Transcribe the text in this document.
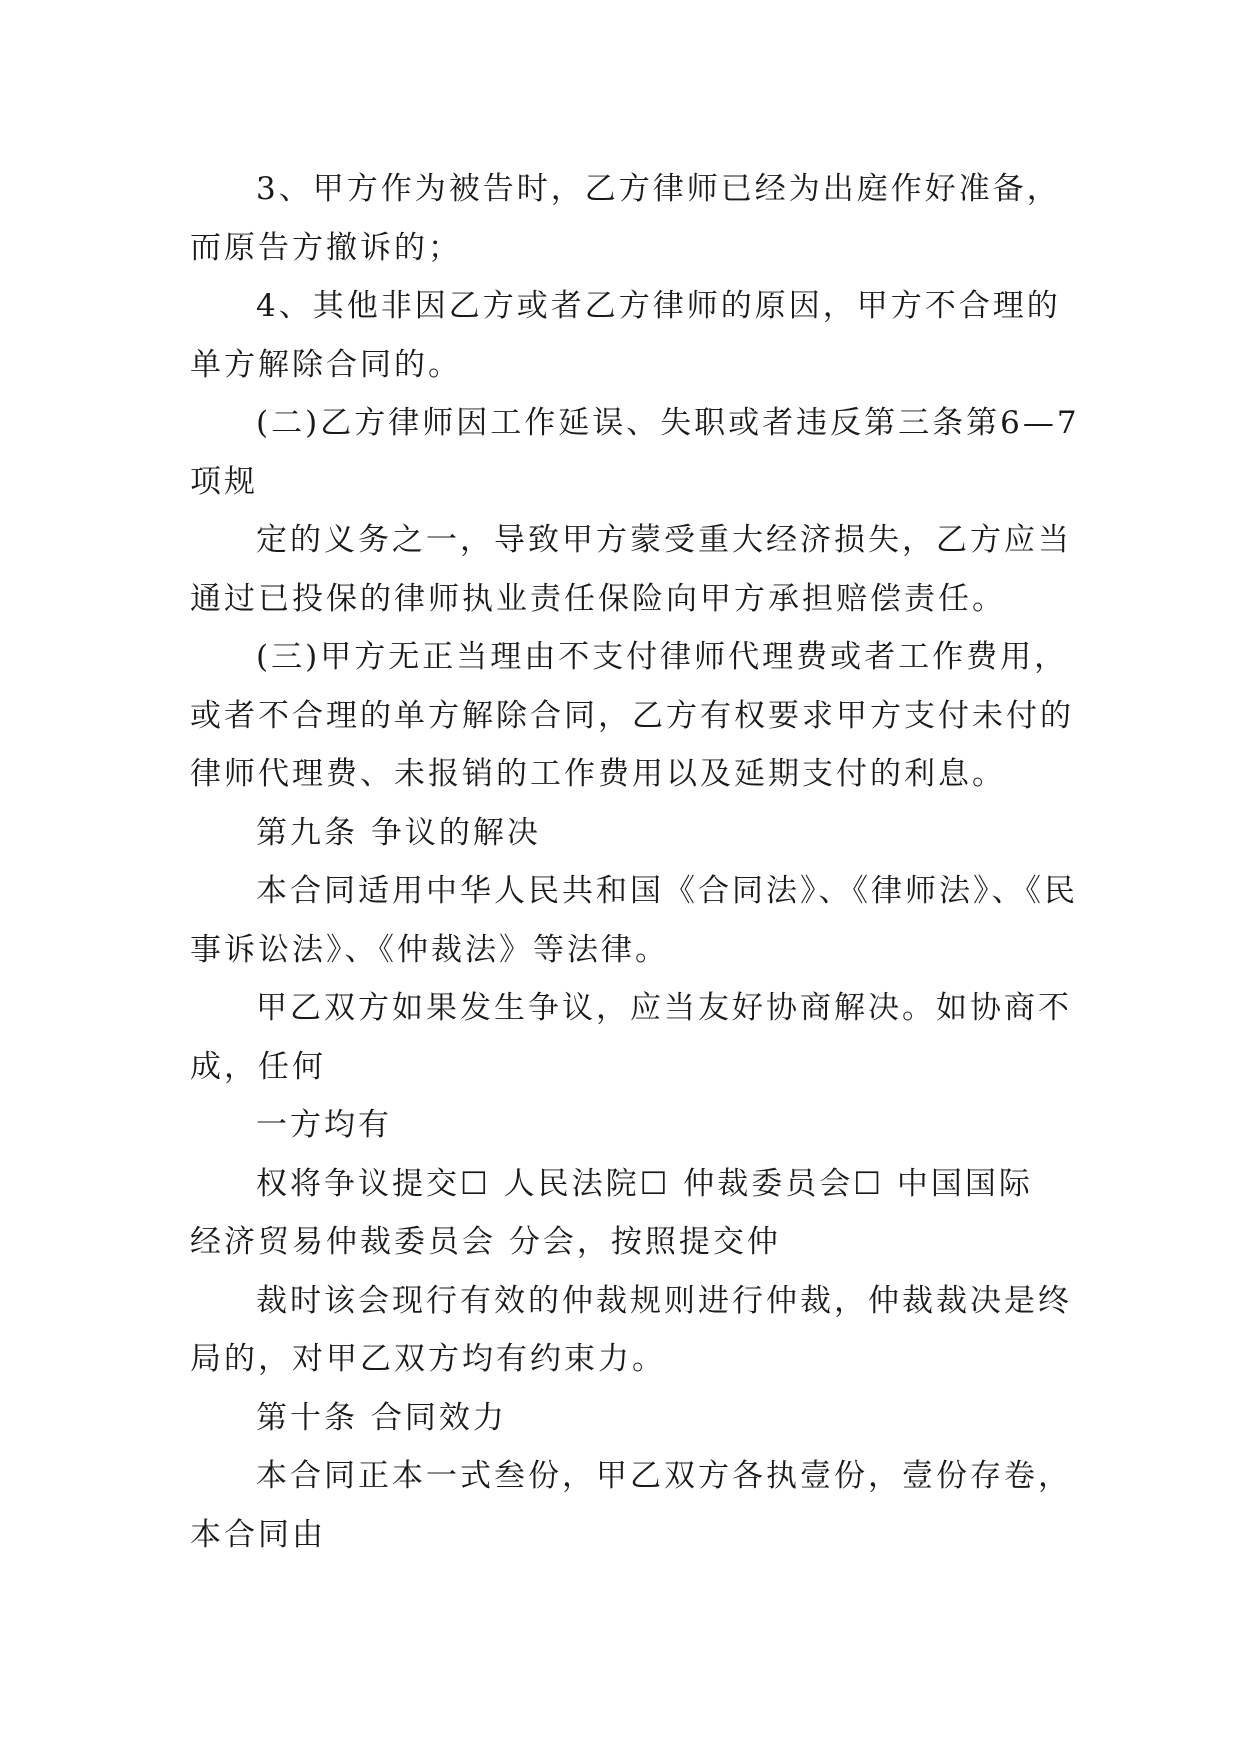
3、甲方作为被告时，乙方律师已经为出庭作好准备，
而原告方撤诉的；
4、其他非因乙方或者乙方律师的原因，甲方不合理的
单方解除合同的。
(二)乙方律师因工作延误、失职或者违反第三条第6—7
项规
定的义务之一，导致甲方蒙受重大经济损失，乙方应当
通过已投保的律师执业责任保险向甲方承担赔偿责任。
(三)甲方无正当理由不支付律师代理费或者工作费用，
或者不合理的单方解除合同，乙方有权要求甲方支付未付的
律师代理费、未报销的工作费用以及延期支付的利息。
第九条 争议的解决
本合同适用中华人民共和国《合同法》、《律师法》、《民
事诉讼法》、《仲裁法》等法律。
甲乙双方如果发生争议，应当友好协商解决。如协商不
成，任何
一方均有
权将争议提交☐ 人民法院☐ 仲裁委员会☐ 中国国际
经济贸易仲裁委员会 分会，按照提交仲
裁时该会现行有效的仲裁规则进行仲裁，仲裁裁决是终
局的，对甲乙双方均有约束力。
第十条 合同效力
本合同正本一式叁份，甲乙双方各执壹份，壹份存卷，
本合同由
